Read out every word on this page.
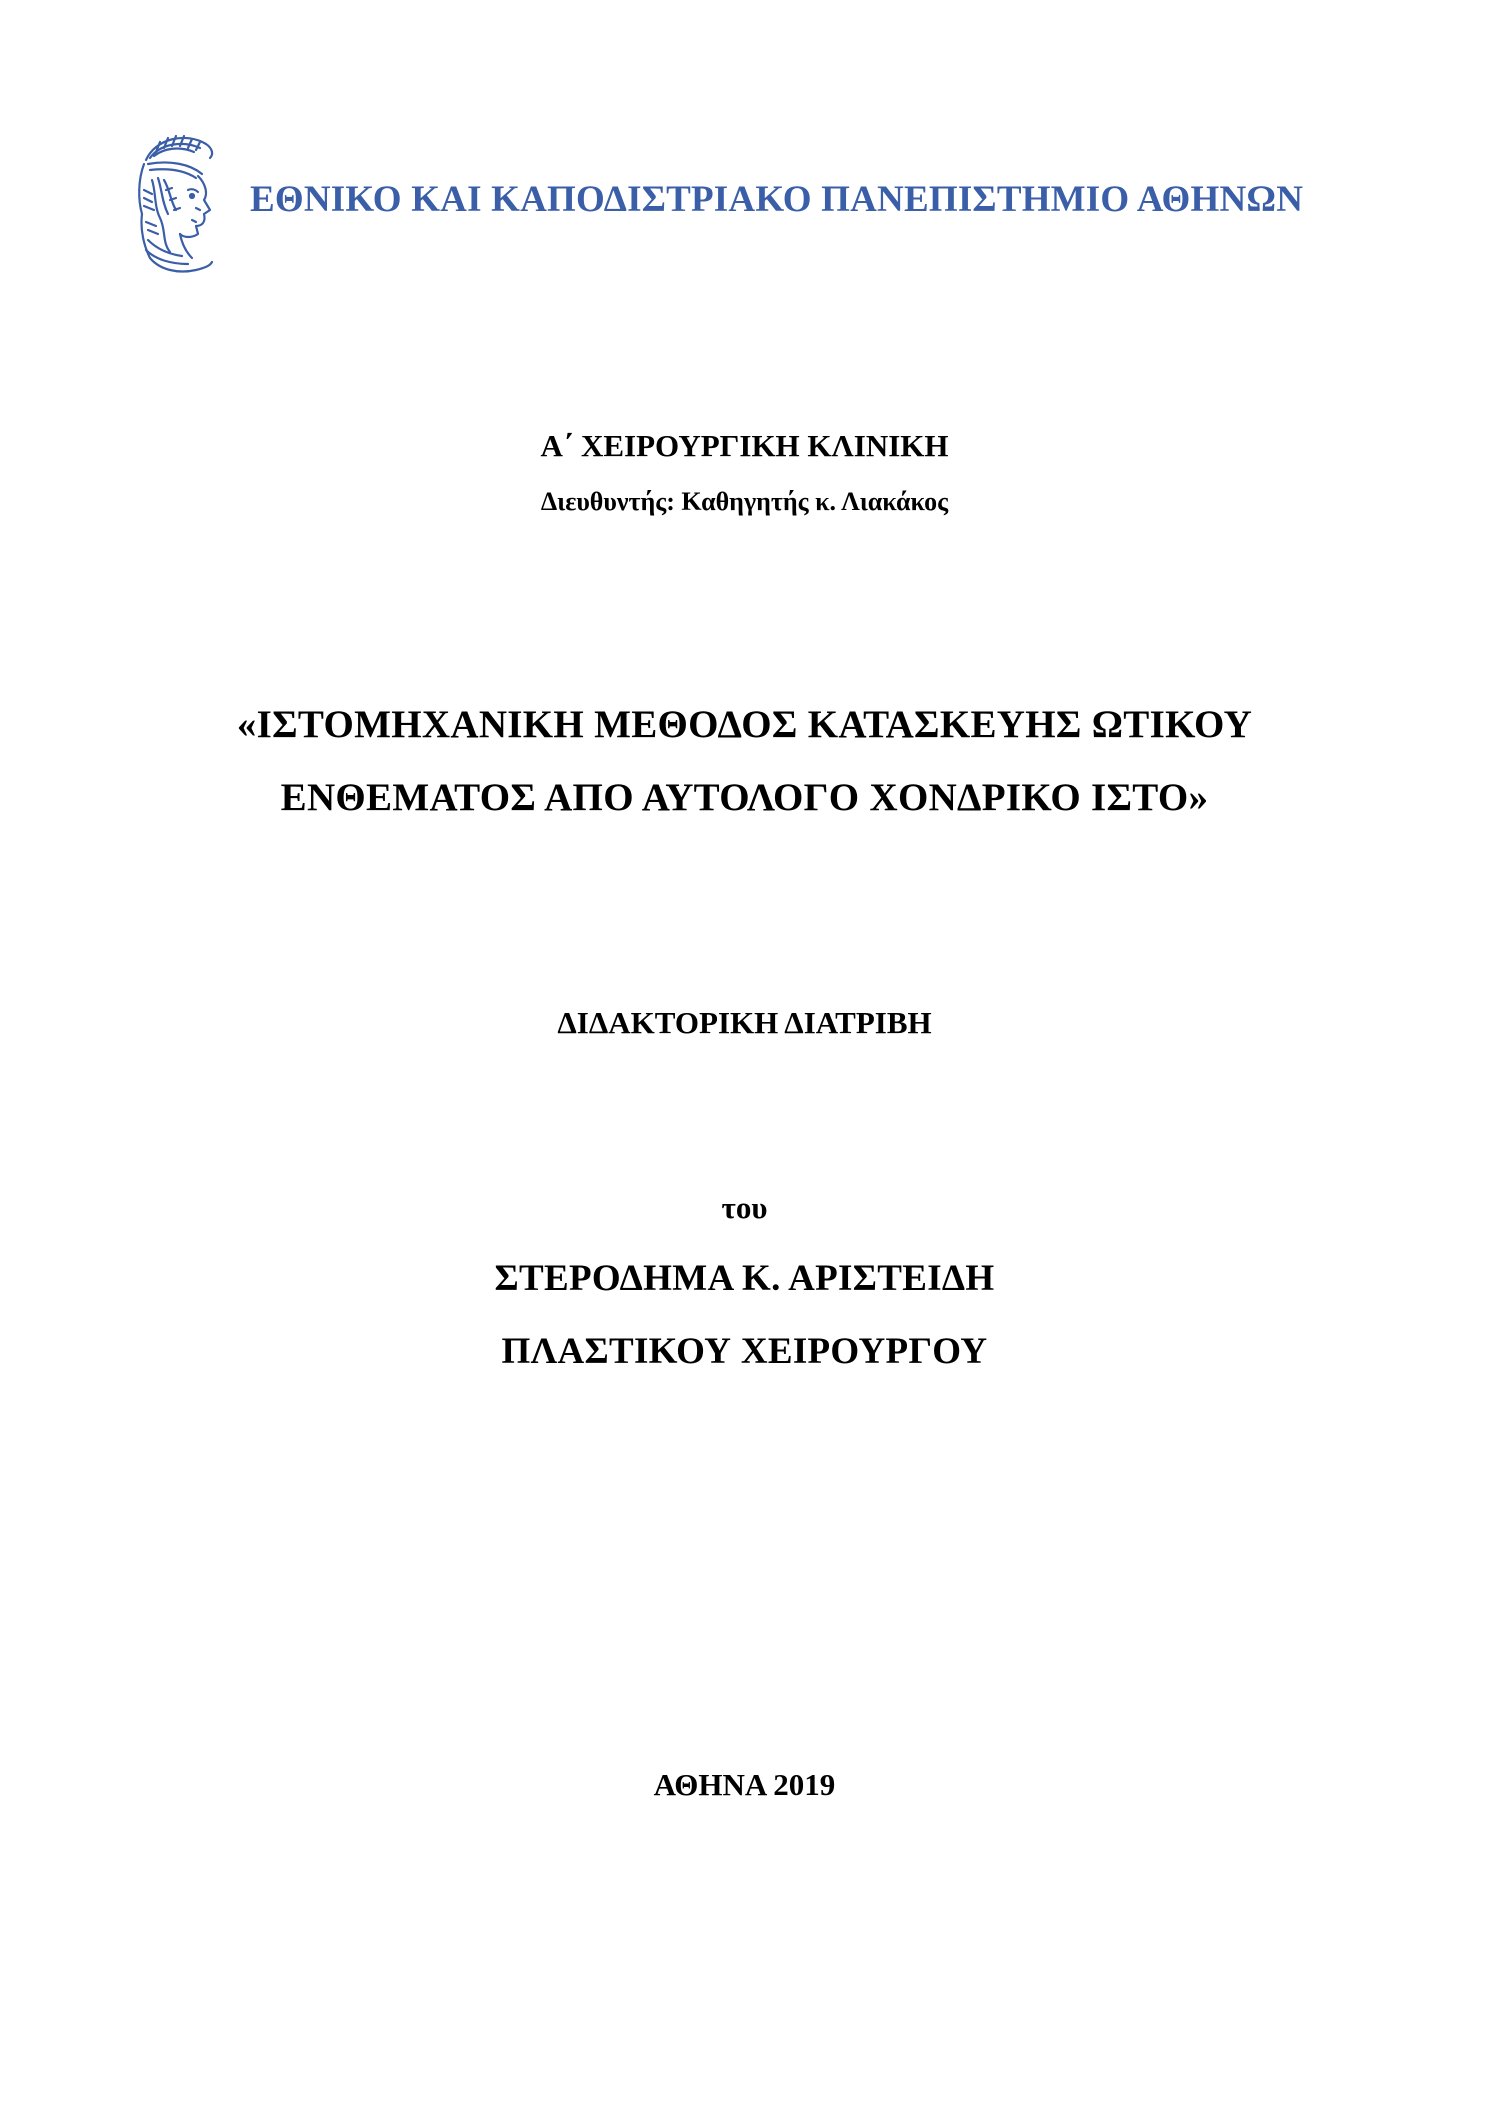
ΕΘΝΙΚΟ ΚΑΙ ΚΑΠΟΔΙΣΤΡΙΑΚΟ ΠΑΝΕΠΙΣΤΗΜΙΟ ΑΘΗΝΩΝ
Α΄ ΧΕΙΡΟΥΡΓΙΚΗ ΚΛΙΝΙΚΗ
Διευθυντής: Καθηγητής κ. Λιακάκος
«ΙΣΤΟΜΗΧΑΝΙΚΗ ΜΕΘΟΔΟΣ ΚΑΤΑΣΚΕΥΗΣ ΩΤΙΚΟΥ
ΕΝΘΕΜΑΤΟΣ ΑΠΟ ΑΥΤΟΛΟΓΟ ΧΟΝΔΡΙΚΟ ΙΣΤΟ»
ΔΙΔΑΚΤΟΡΙΚΗ ΔΙΑΤΡΙΒΗ
του
ΣΤΕΡΟΔΗΜΑ Κ. ΑΡΙΣΤΕΙΔΗ
ΠΛΑΣΤΙΚΟΥ ΧΕΙΡΟΥΡΓΟΥ
ΑΘΗΝΑ 2019
